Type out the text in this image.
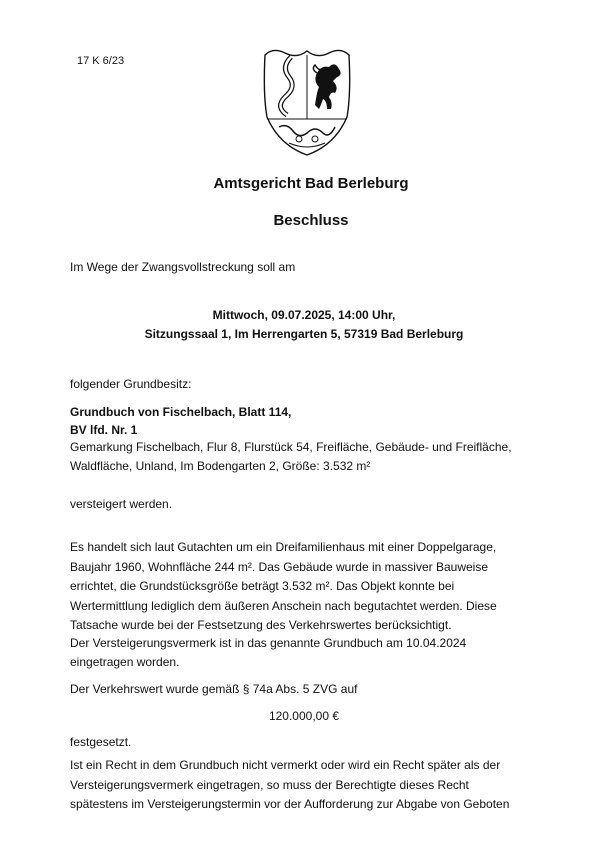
17 K 6/23
Amtsgericht Bad Berleburg
Beschluss
Im Wege der Zwangsvollstreckung soll am
Mittwoch, 09.07.2025, 14:00 Uhr,
Sitzungssaal 1, Im Herrengarten 5, 57319 Bad Berleburg
folgender Grundbesitz:
Grundbuch von Fischelbach, Blatt 114,
BV lfd. Nr. 1
Gemarkung Fischelbach, Flur 8, Flurstück 54, Freifläche, Gebäude- und Freifläche,
Waldfläche, Unland, Im Bodengarten 2, Größe: 3.532 m²
versteigert werden.
Es handelt sich laut Gutachten um ein Dreifamilienhaus mit einer Doppelgarage,
Baujahr 1960, Wohnfläche 244 m². Das Gebäude wurde in massiver Bauweise
errichtet, die Grundstücksgröße beträgt 3.532 m². Das Objekt konnte bei
Wertermittlung lediglich dem äußeren Anschein nach begutachtet werden. Diese
Tatsache wurde bei der Festsetzung des Verkehrswertes berücksichtigt.
Der Versteigerungsvermerk ist in das genannte Grundbuch am 10.04.2024
eingetragen worden.
Der Verkehrswert wurde gemäß § 74a Abs. 5 ZVG auf
120.000,00 €
festgesetzt.
Ist ein Recht in dem Grundbuch nicht vermerkt oder wird ein Recht später als der
Versteigerungsvermerk eingetragen, so muss der Berechtigte dieses Recht
spätestens im Versteigerungstermin vor der Aufforderung zur Abgabe von Geboten
